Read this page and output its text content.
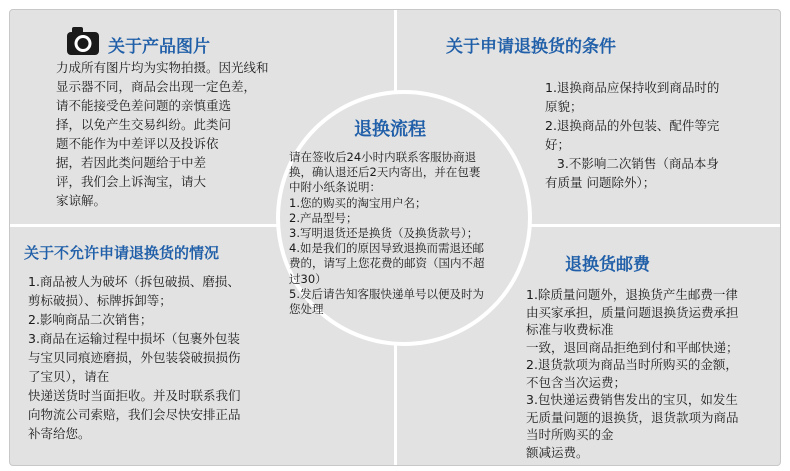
关于产品图片

力成所有图片均为实物拍摄。因光线和

显示器不同，商品会出现一定色差，

请不能接受色差问题的亲慎重选

择，以免产生交易纠纷。此类问

题不能作为中差评以及投诉依

据，若因此类问题给于中差

评，我们会上诉淘宝，请大

家谅解。

关于申请退换货的条件

1.退换商品应保持收到商品时的

原貌；

2.退换商品的外包装、配件等完

好；

3.不影响二次销售（商品本身

有质量 问题除外）；

关于不允许申请退换货的情况

1.商品被人为破坏（拆包破损、磨损、

剪标破损）、标牌拆卸等；

2.影响商品二次销售；

3.商品在运输过程中损坏（包裹外包装

与宝贝同痕迹磨损，外包装袋破损损伤

了宝贝），请在

快递送货时当面拒收。并及时联系我们

向物流公司索赔，我们会尽快安排正品

补寄给您。

退换货邮费

1.除质量问题外，退换货产生邮费一律

由买家承担，质量问题退换货运费承担

标准与收费标准

一致，退回商品拒绝到付和平邮快递；

2.退货款项为商品当时所购买的金额，

不包含当次运费；

3.包快递运费销售发出的宝贝，如发生

无质量问题的退换货，退货款项为商品

当时所购买的金

额减运费。

退换流程

请在签收后24小时内联系客服协商退

换，确认退还后2天内寄出，并在包裹

中附小纸条说明：

1.您的购买的淘宝用户名；

2.产品型号；

3.写明退货还是换货（及换货款号）；

4.如是我们的原因导致退换而需退还邮

费的，请写上您花费的邮资（国内不超

过30）

5.发后请告知客服快递单号以便及时为

您处理
